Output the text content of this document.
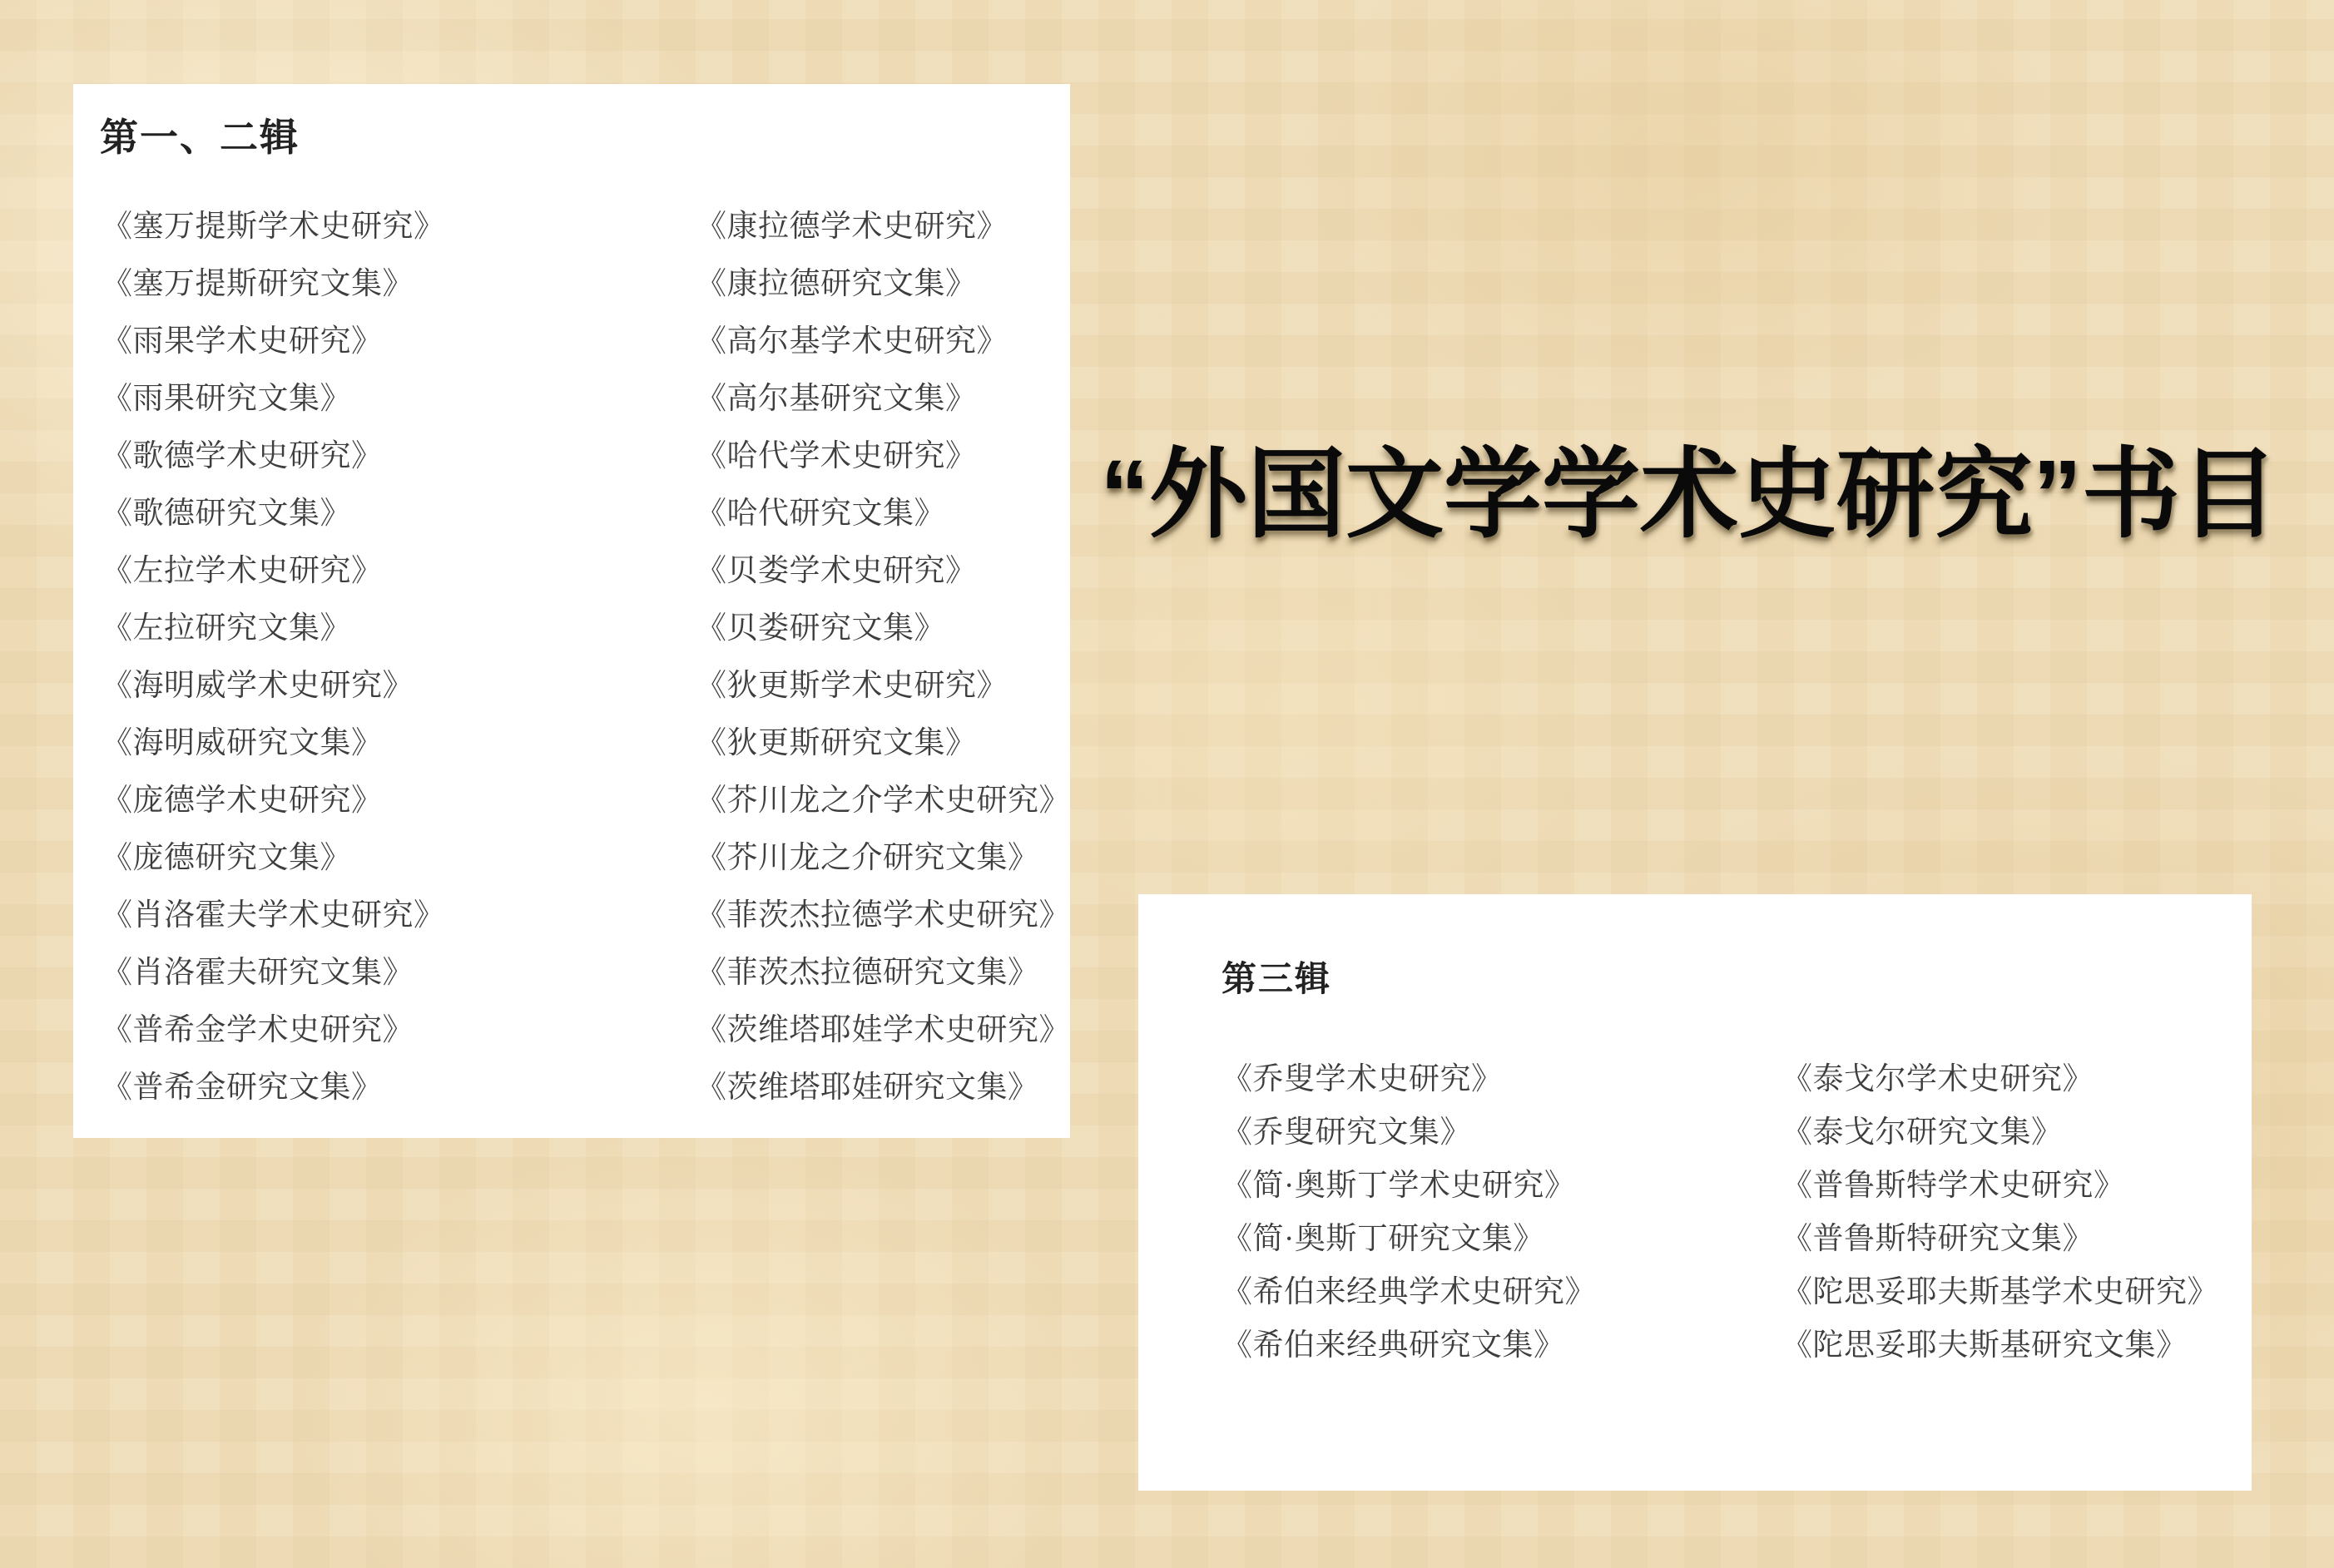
第一、二辑
《塞万提斯学术史研究》
《塞万提斯研究文集》
《雨果学术史研究》
《雨果研究文集》
《歌德学术史研究》
《歌德研究文集》
《左拉学术史研究》
《左拉研究文集》
《海明威学术史研究》
《海明威研究文集》
《庞德学术史研究》
《庞德研究文集》
《肖洛霍夫学术史研究》
《肖洛霍夫研究文集》
《普希金学术史研究》
《普希金研究文集》
《康拉德学术史研究》
《康拉德研究文集》
《高尔基学术史研究》
《高尔基研究文集》
《哈代学术史研究》
《哈代研究文集》
《贝娄学术史研究》
《贝娄研究文集》
《狄更斯学术史研究》
《狄更斯研究文集》
《芥川龙之介学术史研究》
《芥川龙之介研究文集》
《菲茨杰拉德学术史研究》
《菲茨杰拉德研究文集》
《茨维塔耶娃学术史研究》
《茨维塔耶娃研究文集》
“外国文学学术史研究”书目
第三辑
《乔叟学术史研究》
《乔叟研究文集》
《简·奥斯丁学术史研究》
《简·奥斯丁研究文集》
《希伯来经典学术史研究》
《希伯来经典研究文集》
《泰戈尔学术史研究》
《泰戈尔研究文集》
《普鲁斯特学术史研究》
《普鲁斯特研究文集》
《陀思妥耶夫斯基学术史研究》
《陀思妥耶夫斯基研究文集》
